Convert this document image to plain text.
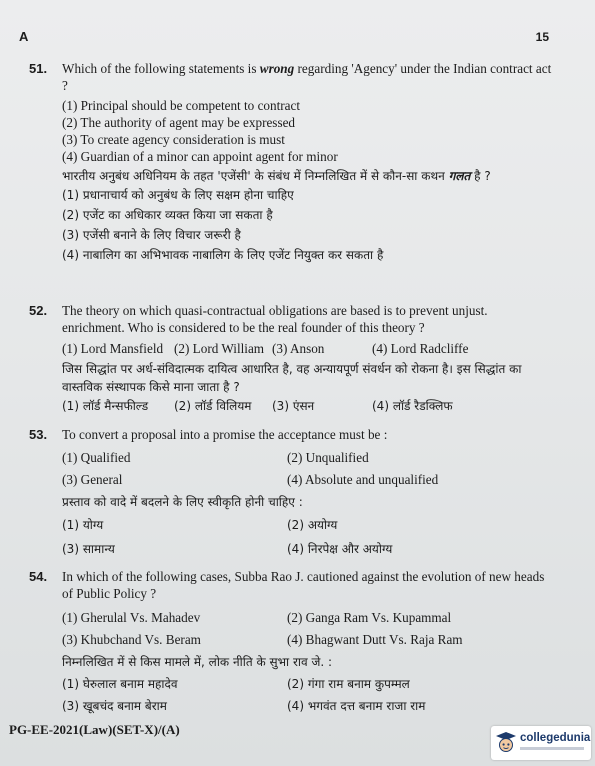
A	15
51. Which of the following statements is wrong regarding 'Agency' under the Indian contract act ?
(1) Principal should be competent to contract
(2) The authority of agent may be expressed
(3) To create agency consideration is must
(4) Guardian of a minor can appoint agent for minor
भारतीय अनुबंध अधिनियम के तहत 'एजेंसी' के संबंध में निम्नलिखित में से कौन-सा कथन गलत है ?
(1) प्रधानाचार्य को अनुबंध के लिए सक्षम होना चाहिए
(2) एजेंट का अधिकार व्यक्त किया जा सकता है
(3) एजेंसी बनाने के लिए विचार जरूरी है
(4) नाबालिग का अभिभावक नाबालिग के लिए एजेंट नियुक्त कर सकता है
52. The theory on which quasi-contractual obligations are based is to prevent unjust. enrichment. Who is considered to be the real founder of this theory ?
(1) Lord Mansfield (2) Lord William (3) Anson	(4) Lord Radcliffe
जिस सिद्धांत पर अर्ध-संविदात्मक दायित्व आधारित है, वह अन्यायपूर्ण संवर्धन को रोकना है। इस सिद्धांत का वास्तविक संस्थापक किसे माना जाता है ?
(1) लॉर्ड मैन्सफील्ड	(2) लॉर्ड विलियम	(3) एंसन	(4) लॉर्ड रैडक्लिफ
53. To convert a proposal into a promise the acceptance must be :
(1) Qualified	(2) Unqualified
(3) General	(4) Absolute and unqualified
प्रस्ताव को वादे में बदलने के लिए स्वीकृति होनी चाहिए :
(1) योग्य	(2) अयोग्य
(3) सामान्य	(4) निरपेक्ष और अयोग्य
54. In which of the following cases, Subba Rao J. cautioned against the evolution of new heads of Public Policy ?
(1) Gherulal Vs. Mahadev	(2) Ganga Ram Vs. Kupammal
(3) Khubchand Vs. Beram	(4) Bhagwant Dutt Vs. Raja Ram
निम्नलिखित में से किस मामले में, लोक नीति के सुभा राव जे. :
(1) घेरुलाल बनाम महादेव	(2) गंगा राम बनाम कुपम्मल
(3) खूबचंद बनाम बेराम	(4) भगवंत दत्त बनाम राजा राम
PG-EE-2021(Law)(SET-X)/(A)
collegedunia
